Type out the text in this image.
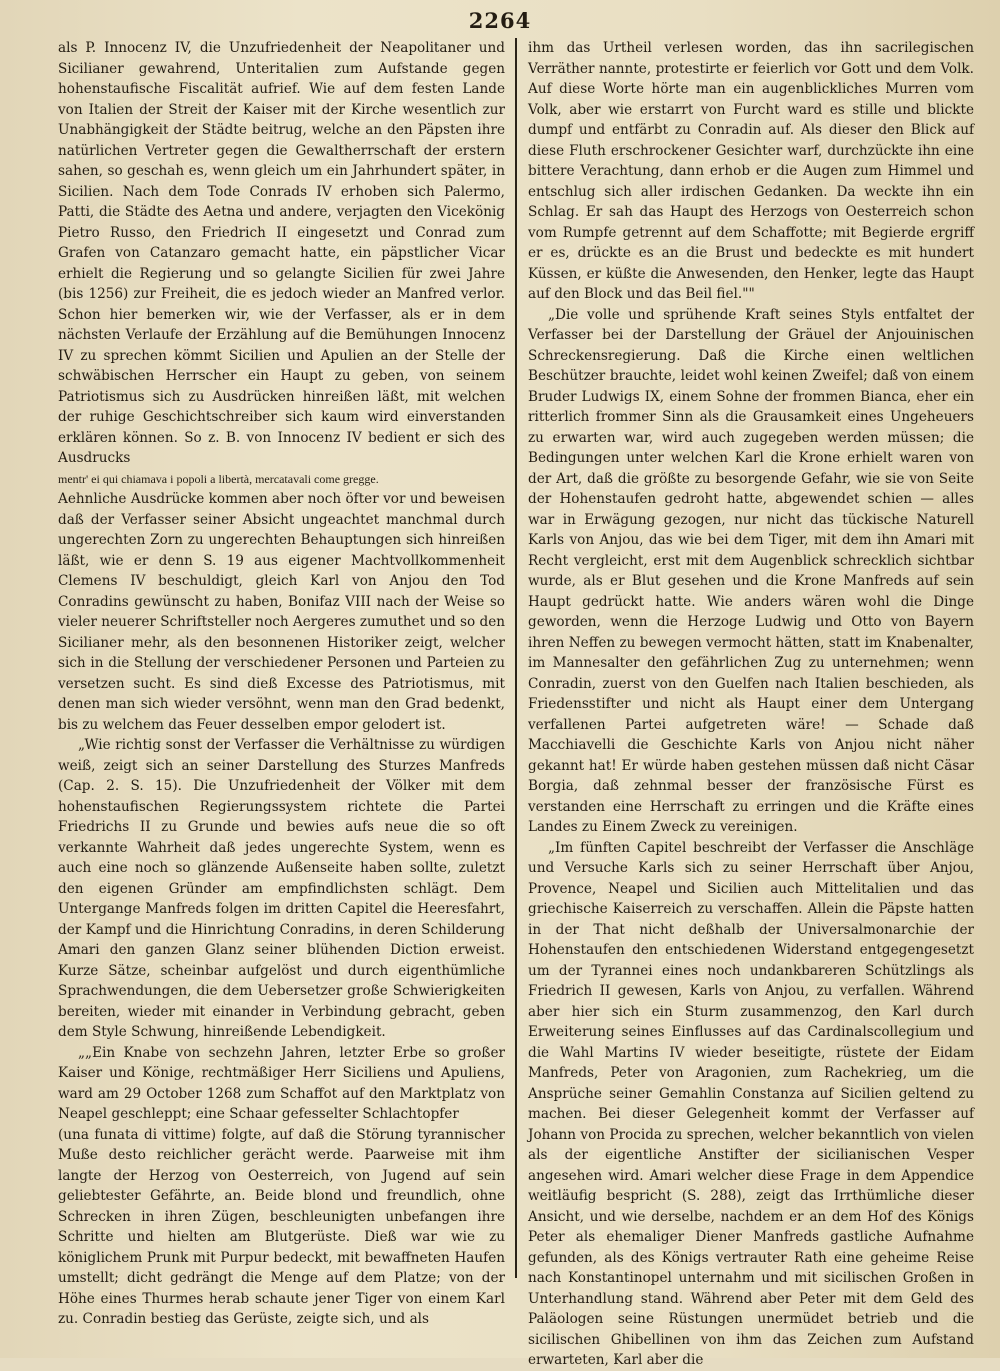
2264

als P. Innocenz IV, die Unzufriedenheit der Neapolitaner und Sicilianer gewahrend, Unteritalien zum Aufstande gegen hohenstaufische Fiscalität aufrief. Wie auf dem festen Lande von Italien der Streit der Kaiser mit der Kirche wesentlich zur Unabhängigkeit der Städte beitrug, welche an den Päpsten ihre natürlichen Vertreter gegen die Gewaltherrschaft der erstern sahen, so geschah es, wenn gleich um ein Jahrhundert später, in Sicilien. Nach dem Tode Conrads IV erhoben sich Palermo, Patti, die Städte des Aetna und andere, verjagten den Vicekönig Pietro Russo, den Friedrich II eingesetzt und Conrad zum Grafen von Catanzaro gemacht hatte, ein päpstlicher Vicar erhielt die Regierung und so gelangte Sicilien für zwei Jahre (bis 1256) zur Freiheit, die es jedoch wieder an Manfred verlor. Schon hier bemerken wir, wie der Verfasser, als er in dem nächsten Verlaufe der Erzählung auf die Bemühungen Innocenz IV zu sprechen kömmt Sicilien und Apulien an der Stelle der schwäbischen Herrscher ein Haupt zu geben, von seinem Patriotismus sich zu Ausdrücken hinreißen läßt, mit welchen der ruhige Geschichtschreiber sich kaum wird einverstanden erklären können. So z. B. von Innocenz IV bedient er sich des Ausdrucks

mentr' ei qui chiamava i popoli a libertà, mercatavali come gregge.

Aehnliche Ausdrücke kommen aber noch öfter vor und beweisen daß der Verfasser seiner Absicht ungeachtet manchmal durch ungerechten Zorn zu ungerechten Behauptungen sich hinreißen läßt, wie er denn S. 19 aus eigener Machtvollkommenheit Clemens IV beschuldigt, gleich Karl von Anjou den Tod Conradins gewünscht zu haben, Bonifaz VIII nach der Weise so vieler neuerer Schriftsteller noch Aergeres zumuthet und so den Sicilianer mehr, als den besonnenen Historiker zeigt, welcher sich in die Stellung der verschiedener Personen und Parteien zu versetzen sucht. Es sind dieß Excesse des Patriotismus, mit denen man sich wieder versöhnt, wenn man den Grad bedenkt, bis zu welchem das Feuer desselben empor gelodert ist.

„Wie richtig sonst der Verfasser die Verhältnisse zu würdigen weiß, zeigt sich an seiner Darstellung des Sturzes Manfreds (Cap. 2. S. 15). Die Unzufriedenheit der Völker mit dem hohenstaufischen Regierungssystem richtete die Partei Friedrichs II zu Grunde und bewies aufs neue die so oft verkannte Wahrheit daß jedes ungerechte System, wenn es auch eine noch so glänzende Außenseite haben sollte, zuletzt den eigenen Gründer am empfindlichsten schlägt. Dem Untergange Manfreds folgen im dritten Capitel die Heeresfahrt, der Kampf und die Hinrichtung Conradins, in deren Schilderung Amari den ganzen Glanz seiner blühenden Diction erweist. Kurze Sätze, scheinbar aufgelöst und durch eigenthümliche Sprachwendungen, die dem Uebersetzer große Schwierigkeiten bereiten, wieder mit einander in Verbindung gebracht, geben dem Style Schwung, hinreißende Lebendigkeit.

„„Ein Knabe von sechzehn Jahren, letzter Erbe so großer Kaiser und Könige, rechtmäßiger Herr Siciliens und Apuliens, ward am 29 October 1268 zum Schaffot auf den Marktplatz von Neapel geschleppt; eine Schaar gefesselter Schlachtopfer

(una funata di vittime) folgte, auf daß die Störung tyrannischer Muße desto reichlicher gerächt werde. Paarweise mit ihm langte der Herzog von Oesterreich, von Jugend auf sein geliebtester Gefährte, an. Beide blond und freundlich, ohne Schrecken in ihren Zügen, beschleunigten unbefangen ihre Schritte und hielten am Blutgerüste. Dieß war wie zu königlichem Prunk mit Purpur bedeckt, mit bewaffneten Haufen umstellt; dicht gedrängt die Menge auf dem Platze; von der Höhe eines Thurmes herab schaute jener Tiger von einem Karl zu. Conradin bestieg das Gerüste, zeigte sich, und als

ihm das Urtheil verlesen worden, das ihn sacrilegischen Verräther nannte, protestirte er feierlich vor Gott und dem Volk. Auf diese Worte hörte man ein augenblickliches Murren vom Volk, aber wie erstarrt von Furcht ward es stille und blickte dumpf und entfärbt zu Conradin auf. Als dieser den Blick auf diese Fluth erschrockener Gesichter warf, durchzückte ihn eine bittere Verachtung, dann erhob er die Augen zum Himmel und entschlug sich aller irdischen Gedanken. Da weckte ihn ein Schlag. Er sah das Haupt des Herzogs von Oesterreich schon vom Rumpfe getrennt auf dem Schaffotte; mit Begierde ergriff er es, drückte es an die Brust und bedeckte es mit hundert Küssen, er küßte die Anwesenden, den Henker, legte das Haupt auf den Block und das Beil fiel.""

„Die volle und sprühende Kraft seines Styls entfaltet der Verfasser bei der Darstellung der Gräuel der Anjouinischen Schreckensregierung. Daß die Kirche einen weltlichen Beschützer brauchte, leidet wohl keinen Zweifel; daß von einem Bruder Ludwigs IX, einem Sohne der frommen Bianca, eher ein ritterlich frommer Sinn als die Grausamkeit eines Ungeheuers zu erwarten war, wird auch zugegeben werden müssen; die Bedingungen unter welchen Karl die Krone erhielt waren von der Art, daß die größte zu besorgende Gefahr, wie sie von Seite der Hohenstaufen gedroht hatte, abgewendet schien — alles war in Erwägung gezogen, nur nicht das tückische Naturell Karls von Anjou, das wie bei dem Tiger, mit dem ihn Amari mit Recht vergleicht, erst mit dem Augenblick schrecklich sichtbar wurde, als er Blut gesehen und die Krone Manfreds auf sein Haupt gedrückt hatte. Wie anders wären wohl die Dinge geworden, wenn die Herzoge Ludwig und Otto von Bayern ihren Neffen zu bewegen vermocht hätten, statt im Knabenalter, im Mannesalter den gefährlichen Zug zu unternehmen; wenn Conradin, zuerst von den Guelfen nach Italien beschieden, als Friedensstifter und nicht als Haupt einer dem Untergang verfallenen Partei aufgetreten wäre! — Schade daß Macchiavelli die Geschichte Karls von Anjou nicht näher gekannt hat! Er würde haben gestehen müssen daß nicht Cäsar Borgia, daß zehnmal besser der französische Fürst es verstanden eine Herrschaft zu erringen und die Kräfte eines Landes zu Einem Zweck zu vereinigen.

„Im fünften Capitel beschreibt der Verfasser die Anschläge und Versuche Karls sich zu seiner Herrschaft über Anjou, Provence, Neapel und Sicilien auch Mittelitalien und das griechische Kaiserreich zu verschaffen. Allein die Päpste hatten in der That nicht deßhalb der Universalmonarchie der Hohenstaufen den entschiedenen Widerstand entgegengesetzt um der Tyrannei eines noch undankbareren Schützlings als Friedrich II gewesen, Karls von Anjou, zu verfallen. Während aber hier sich ein Sturm zusammenzog, den Karl durch Erweiterung seines Einflusses auf das Cardinalscollegium und die Wahl Martins IV wieder beseitigte, rüstete der Eidam Manfreds, Peter von Aragonien, zum Rachekrieg, um die Ansprüche seiner Gemahlin Constanza auf Sicilien geltend zu machen. Bei dieser Gelegenheit kommt der Verfasser auf Johann von Procida zu sprechen, welcher bekanntlich von vielen als der eigentliche Anstifter der sicilianischen Vesper angesehen wird. Amari welcher diese Frage in dem Appendice weitläufig bespricht (S. 288), zeigt das Irrthümliche dieser Ansicht, und wie derselbe, nachdem er an dem Hof des Königs Peter als ehemaliger Diener Manfreds gastliche Aufnahme gefunden, als des Königs vertrauter Rath eine geheime Reise nach Konstantinopel unternahm und mit sicilischen Großen in Unterhandlung stand. Während aber Peter mit dem Geld des Paläologen seine Rüstungen unermüdet betrieb und die sicilischen Ghibellinen von ihm das Zeichen zum Aufstand erwarteten, Karl aber die
